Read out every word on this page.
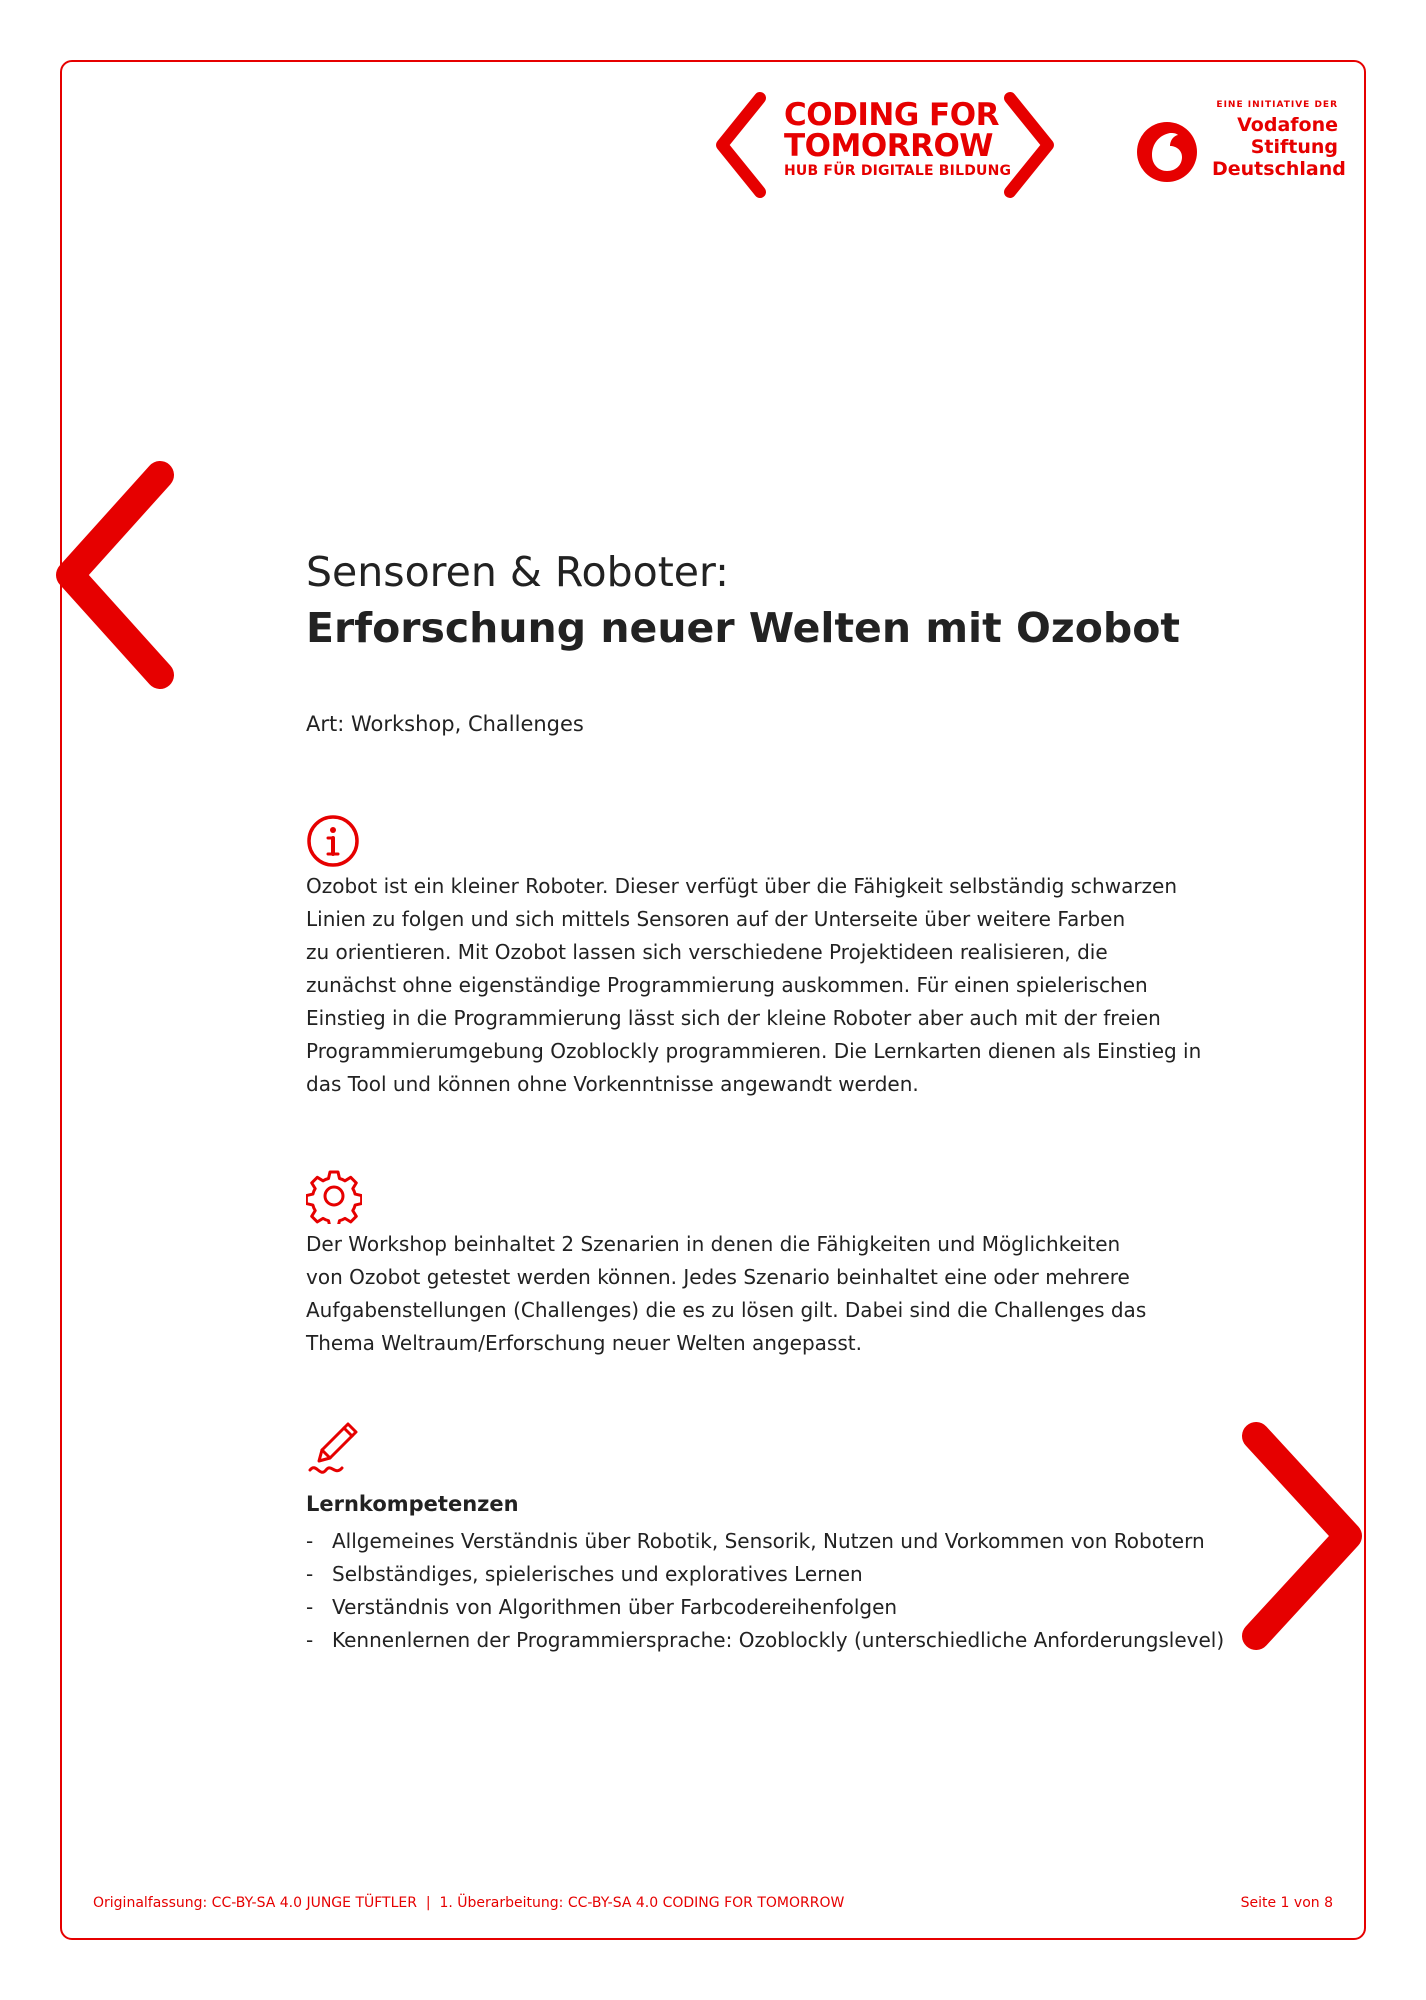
CODING FOR
TOMORROW
HUB FÜR DIGITALE BILDUNG
EINE INITIATIVE DER
Vodafone
Stiftung
Deutschland
Sensoren & Roboter:
Erforschung neuer Welten mit Ozobot
Art: Workshop, Challenges
Ozobot ist ein kleiner Roboter. Dieser verfügt über die Fähigkeit selbständig schwarzen
Linien zu folgen und sich mittels Sensoren auf der Unterseite über weitere Farben
zu orientieren. Mit Ozobot lassen sich verschiedene Projektideen realisieren, die
zunächst ohne eigenständige Programmierung auskommen. Für einen spielerischen
Einstieg in die Programmierung lässt sich der kleine Roboter aber auch mit der freien
Programmierumgebung Ozoblockly programmieren. Die Lernkarten dienen als Einstieg in
das Tool und können ohne Vorkenntnisse angewandt werden.
Der Workshop beinhaltet 2 Szenarien in denen die Fähigkeiten und Möglichkeiten
von Ozobot getestet werden können. Jedes Szenario beinhaltet eine oder mehrere
Aufgabenstellungen (Challenges) die es zu lösen gilt. Dabei sind die Challenges das
Thema Weltraum/Erforschung neuer Welten angepasst.
Lernkompetenzen
- Allgemeines Verständnis über Robotik, Sensorik, Nutzen und Vorkommen von Robotern
- Selbständiges, spielerisches und exploratives Lernen
- Verständnis von Algorithmen über Farbcodereihenfolgen
- Kennenlernen der Programmiersprache: Ozoblockly (unterschiedliche Anforderungslevel)
Originalfassung: CC-BY-SA 4.0 JUNGE TÜFTLER  |  1. Überarbeitung: CC-BY-SA 4.0 CODING FOR TOMORROW	Seite 1 von 8
